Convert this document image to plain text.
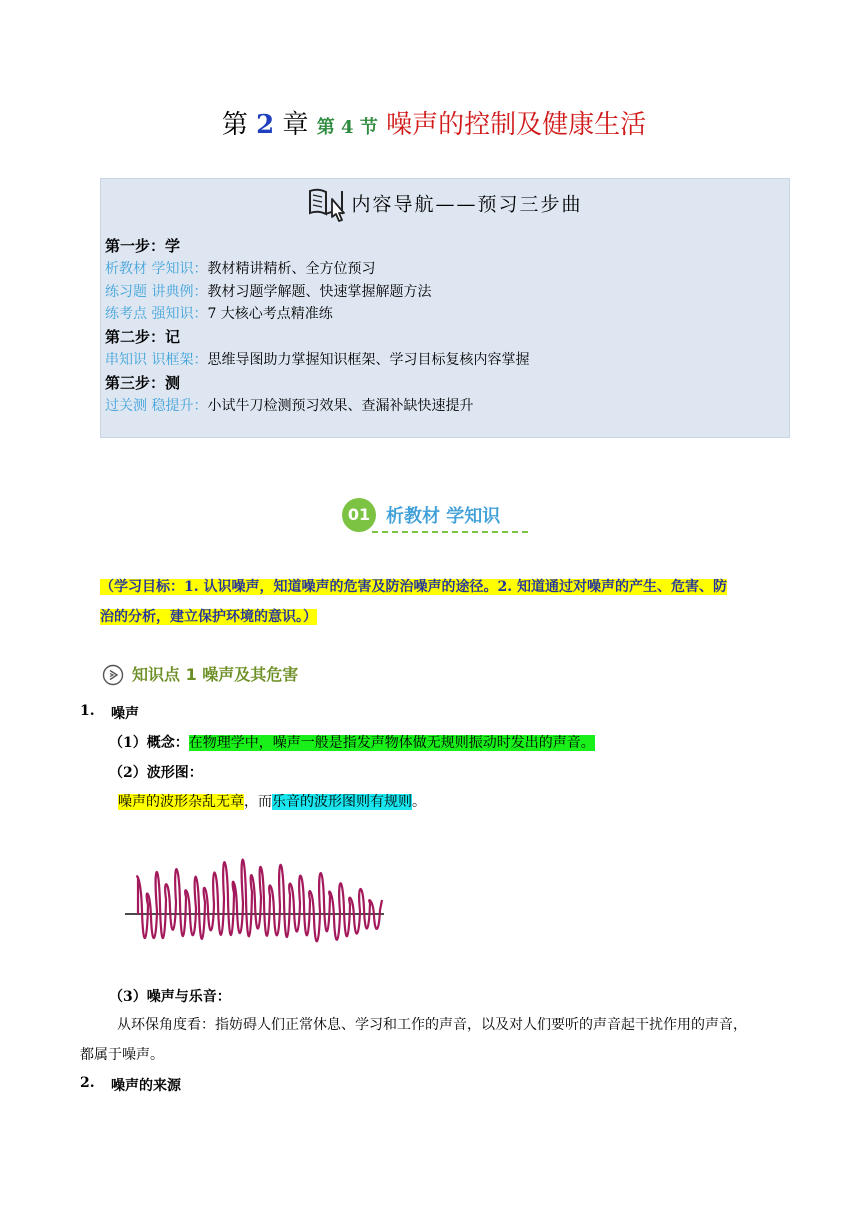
第 2 章 第 4 节 噪声的控制及健康生活
内容导航——预习三步曲
第一步：学
析教材 学知识：教材精讲精析、全方位预习
练习题 讲典例：教材习题学解题、快速掌握解题方法
练考点 强知识：7 大核心考点精准练
第二步：记
串知识 识框架：思维导图助力掌握知识框架、学习目标复核内容掌握
第三步：测
过关测 稳提升：小试牛刀检测预习效果、查漏补缺快速提升
01 析教材 学知识
（学习目标：1. 认识噪声，知道噪声的危害及防治噪声的途径。2. 知道通过对噪声的产生、危害、防
治的分析，建立保护环境的意识。）
知识点 1 噪声及其危害
1. 噪声
（1）概念：在物理学中，噪声一般是指发声物体做无规则振动时发出的声音。
（2）波形图：
噪声的波形杂乱无章，而乐音的波形图则有规则。
（3）噪声与乐音：
从环保角度看：指妨碍人们正常休息、学习和工作的声音，以及对人们要听的声音起干扰作用的声音，
都属于噪声。
2. 噪声的来源
